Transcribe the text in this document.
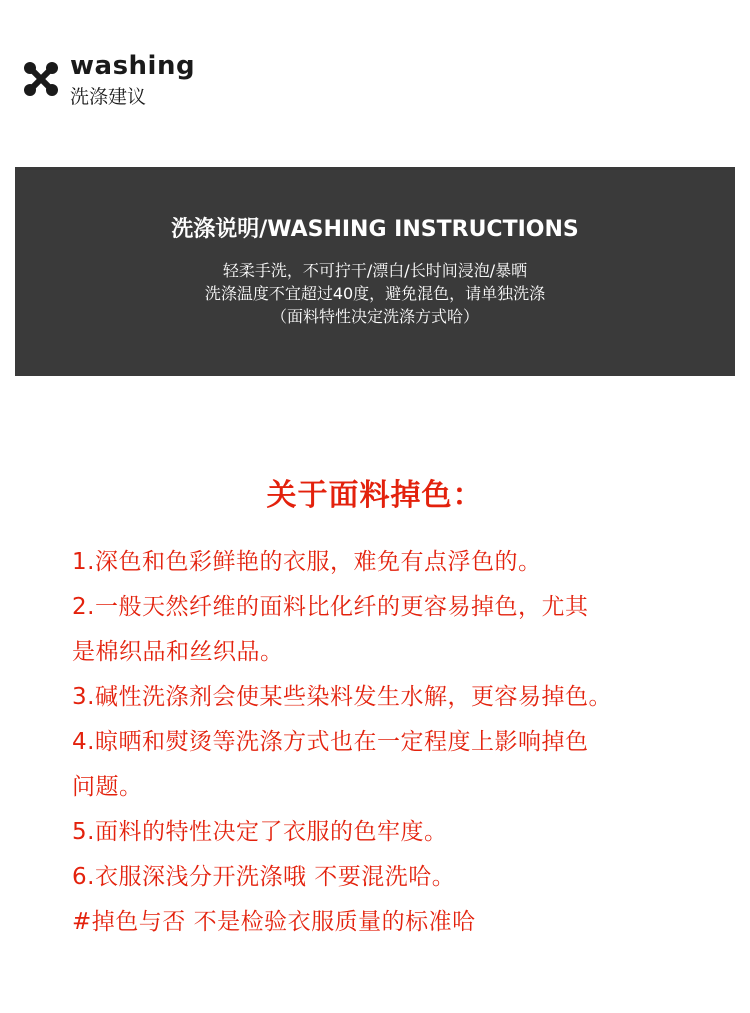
washing
洗涤建议
洗涤说明/WASHING INSTRUCTIONS
轻柔手洗，不可拧干/漂白/长时间浸泡/暴晒
洗涤温度不宜超过40度，避免混色，请单独洗涤
（面料特性决定洗涤方式哈）
关于面料掉色：
1.深色和色彩鲜艳的衣服，难免有点浮色的。
2.一般天然纤维的面料比化纤的更容易掉色，尤其
是棉织品和丝织品。
3.碱性洗涤剂会使某些染料发生水解，更容易掉色。
4.晾晒和熨烫等洗涤方式也在一定程度上影响掉色
问题。
5.面料的特性决定了衣服的色牢度。
6.衣服深浅分开洗涤哦 不要混洗哈。
#掉色与否 不是检验衣服质量的标准哈
